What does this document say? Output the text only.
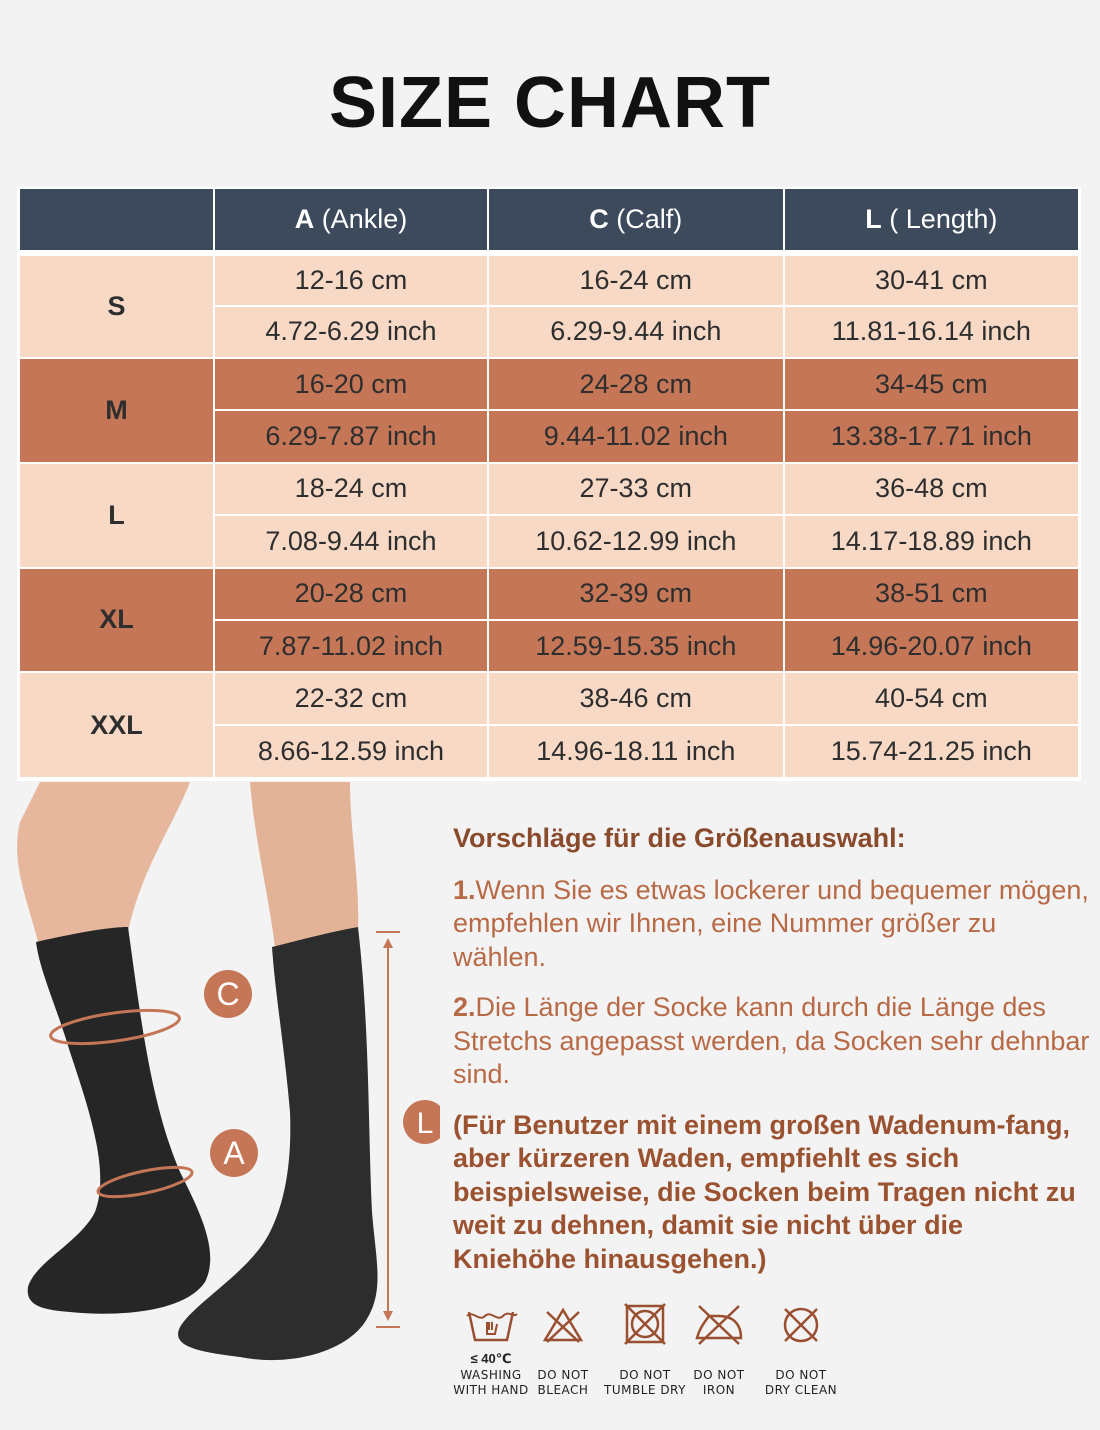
SIZE CHART
	A (Ankle)	C (Calf)	L ( Length)
S	12-16 cm	16-24 cm	30-41 cm
	4.72-6.29 inch	6.29-9.44 inch	11.81-16.14 inch
M	16-20 cm	24-28 cm	34-45 cm
	6.29-7.87 inch	9.44-11.02 inch	13.38-17.71 inch
L	18-24 cm	27-33 cm	36-48 cm
	7.08-9.44 inch	10.62-12.99 inch	14.17-18.89 inch
XL	20-28 cm	32-39 cm	38-51 cm
	7.87-11.02 inch	12.59-15.35 inch	14.96-20.07 inch
XXL	22-32 cm	38-46 cm	40-54 cm
	8.66-12.59 inch	14.96-18.11 inch	15.74-21.25 inch
C
A
L
Vorschläge für die Größenauswahl:

1.Wenn Sie es etwas lockerer und bequemer mögen, empfehlen wir Ihnen, eine Nummer größer zu wählen.

2.Die Länge der Socke kann durch die Länge des Stretchs angepasst werden, da Socken sehr dehnbar sind.

(Für Benutzer mit einem großen Wadenum-fang, aber kürzeren Waden, empfiehlt es sich beispielsweise, die Socken beim Tragen nicht zu weit zu dehnen, damit sie nicht über die Kniehöhe hinausgehen.)

≤ 40℃
WASHING
WITH HAND

DO NOT
BLEACH

DO NOT
TUMBLE DRY

DO NOT
IRON

DO NOT
DRY CLEAN
